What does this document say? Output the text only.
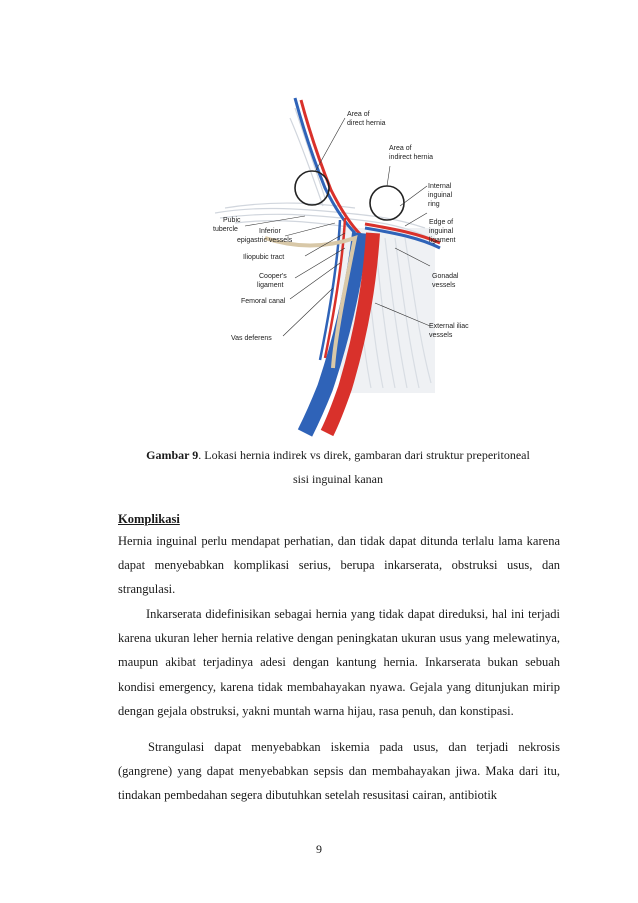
Area of direct hernia
Area of indirect hernia
Internal inguinal ring
Edge of inguinal ligament
Pubic tubercle	Inferior epigastric vessels
Iliopubic tract
Cooper's ligament
Femoral canal
Gonadal vessels
External iliac vessels
Vas deferens
Gambar 9. Lokasi hernia indirek vs direk, gambaran dari struktur preperitoneal
sisi inguinal kanan
Komplikasi

Hernia inguinal perlu mendapat perhatian, dan tidak dapat ditunda terlalu lama karena dapat menyebabkan komplikasi serius, berupa inkarserata, obstruksi usus, dan strangulasi.

Inkarserata didefinisikan sebagai hernia yang tidak dapat direduksi, hal ini terjadi karena ukuran leher hernia relative dengan peningkatan ukuran usus yang melewatinya, maupun akibat terjadinya adesi dengan kantung hernia. Inkarserata bukan sebuah kondisi emergency, karena tidak membahayakan nyawa. Gejala yang ditunjukan mirip dengan gejala obstruksi, yakni muntah warna hijau, rasa penuh, dan konstipasi.

Strangulasi dapat menyebabkan iskemia pada usus, dan terjadi nekrosis (gangrene) yang dapat menyebabkan sepsis dan membahayakan jiwa. Maka dari itu, tindakan pembedahan segera dibutuhkan setelah resusitasi cairan, antibiotik

9
